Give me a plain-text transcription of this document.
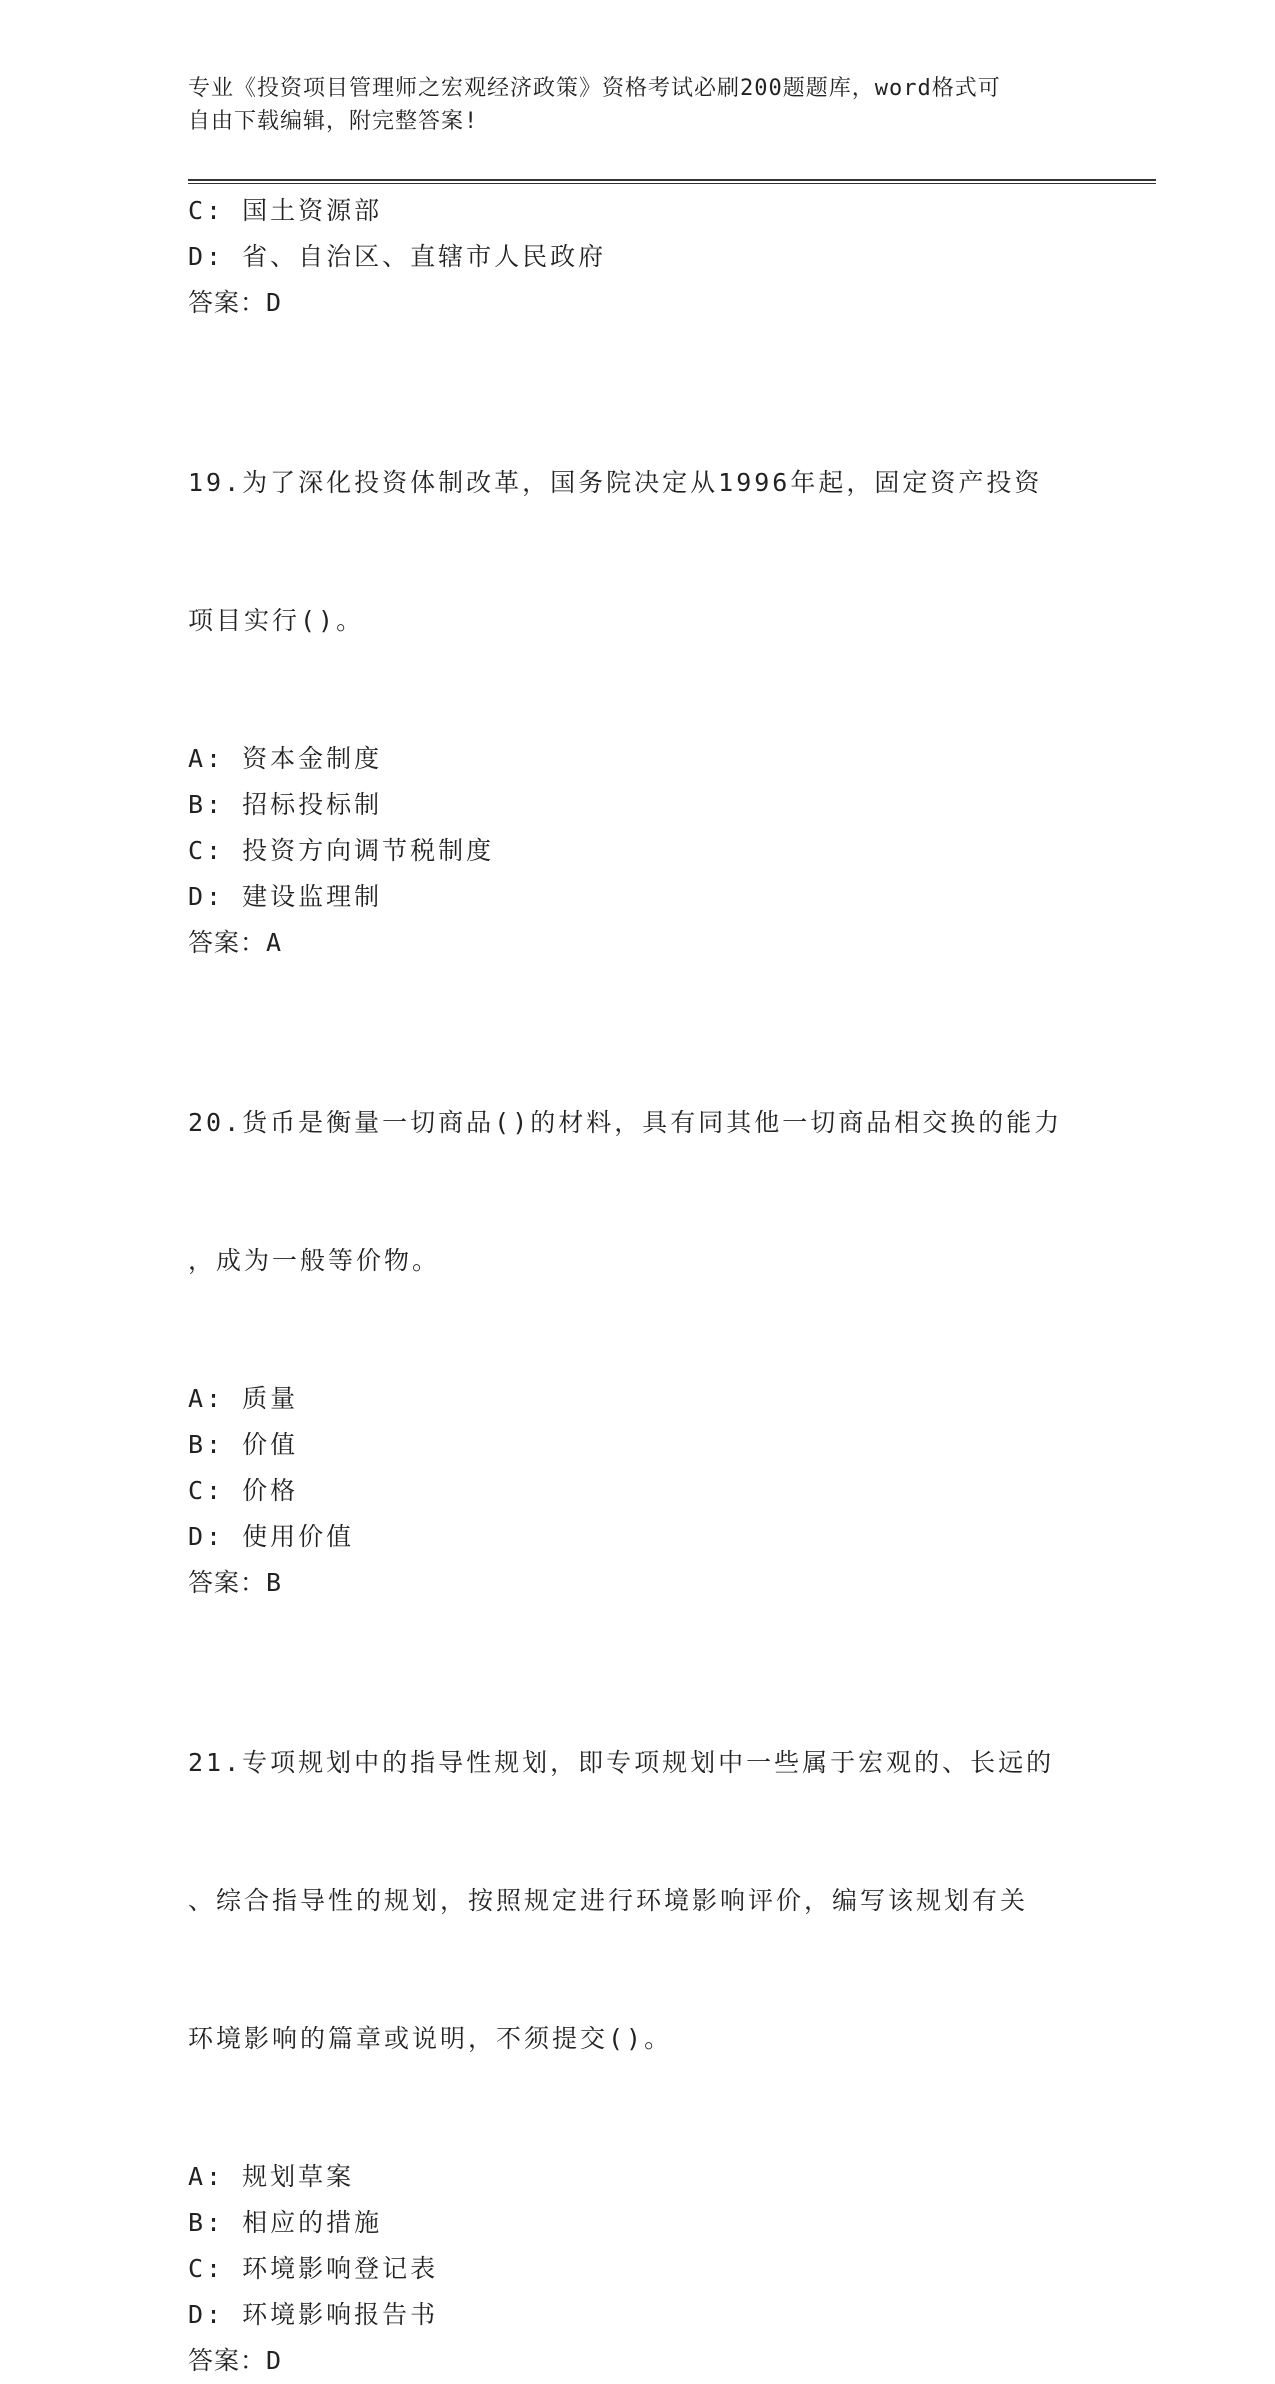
专业《投资项目管理师之宏观经济政策》资格考试必刷200题题库，word格式可
自由下载编辑，附完整答案!
C: 国土资源部
D: 省、自治区、直辖市人民政府
答案：D

19.为了深化投资体制改革，国务院决定从1996年起，固定资产投资

项目实行()。

A: 资本金制度
B: 招标投标制
C: 投资方向调节税制度
D: 建设监理制
答案：A

20.货币是衡量一切商品()的材料，具有同其他一切商品相交换的能力

，成为一般等价物。

A: 质量
B: 价值
C: 价格
D: 使用价值
答案：B

21.专项规划中的指导性规划，即专项规划中一些属于宏观的、长远的

、综合指导性的规划，按照规定进行环境影响评价，编写该规划有关

环境影响的篇章或说明，不须提交()。

A: 规划草案
B: 相应的措施
C: 环境影响登记表
D: 环境影响报告书
答案：D
